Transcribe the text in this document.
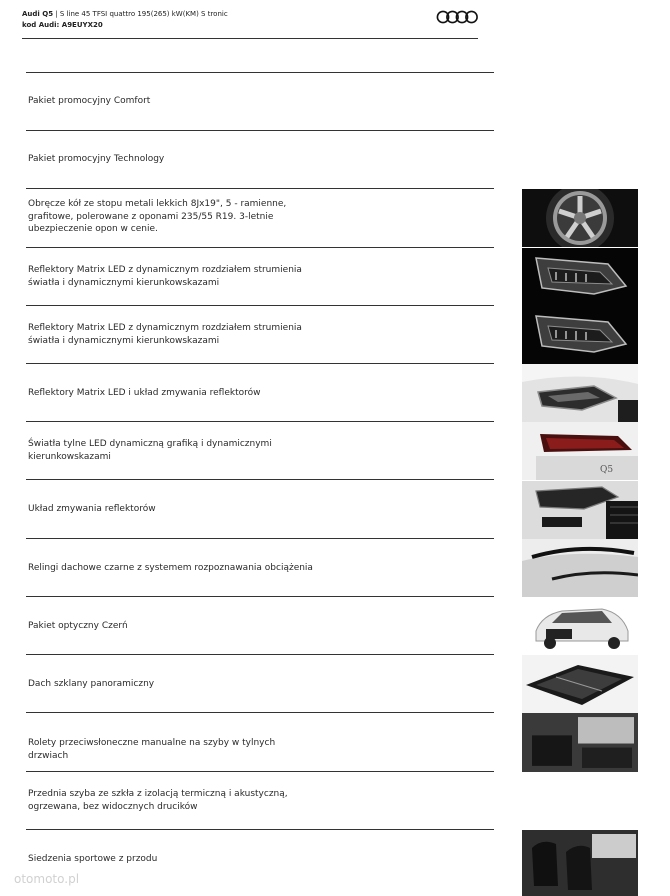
Audi Q5 | S line 45 TFSI quattro 195(265) kW(KM) S tronic
kod Audi: A9EUYX20
Pakiet promocyjny Comfort
Pakiet promocyjny Technology
Obręcze kół ze stopu metali lekkich 8Jx19", 5 - ramienne, grafitowe, polerowane z oponami 235/55 R19. 3-letnie ubezpieczenie opon w cenie.
Reflektory Matrix LED z dynamicznym rozdziałem strumienia światła i dynamicznymi kierunkowskazami
Reflektory Matrix LED z dynamicznym rozdziałem strumienia światła i dynamicznymi kierunkowskazami
Reflektory Matrix LED i układ zmywania reflektorów
Światła tylne LED dynamiczną grafiką i dynamicznymi kierunkowskazami
Q5
Układ zmywania reflektorów
Relingi dachowe czarne z systemem rozpoznawania obciążenia
Pakiet optyczny Czerń
Dach szklany panoramiczny
Rolety przeciwsłoneczne manualne na szyby w tylnych drzwiach
Przednia szyba ze szkła z izolacją termiczną i akustyczną, ogrzewana, bez widocznych drucików
Siedzenia sportowe z przodu
otomoto.pl
